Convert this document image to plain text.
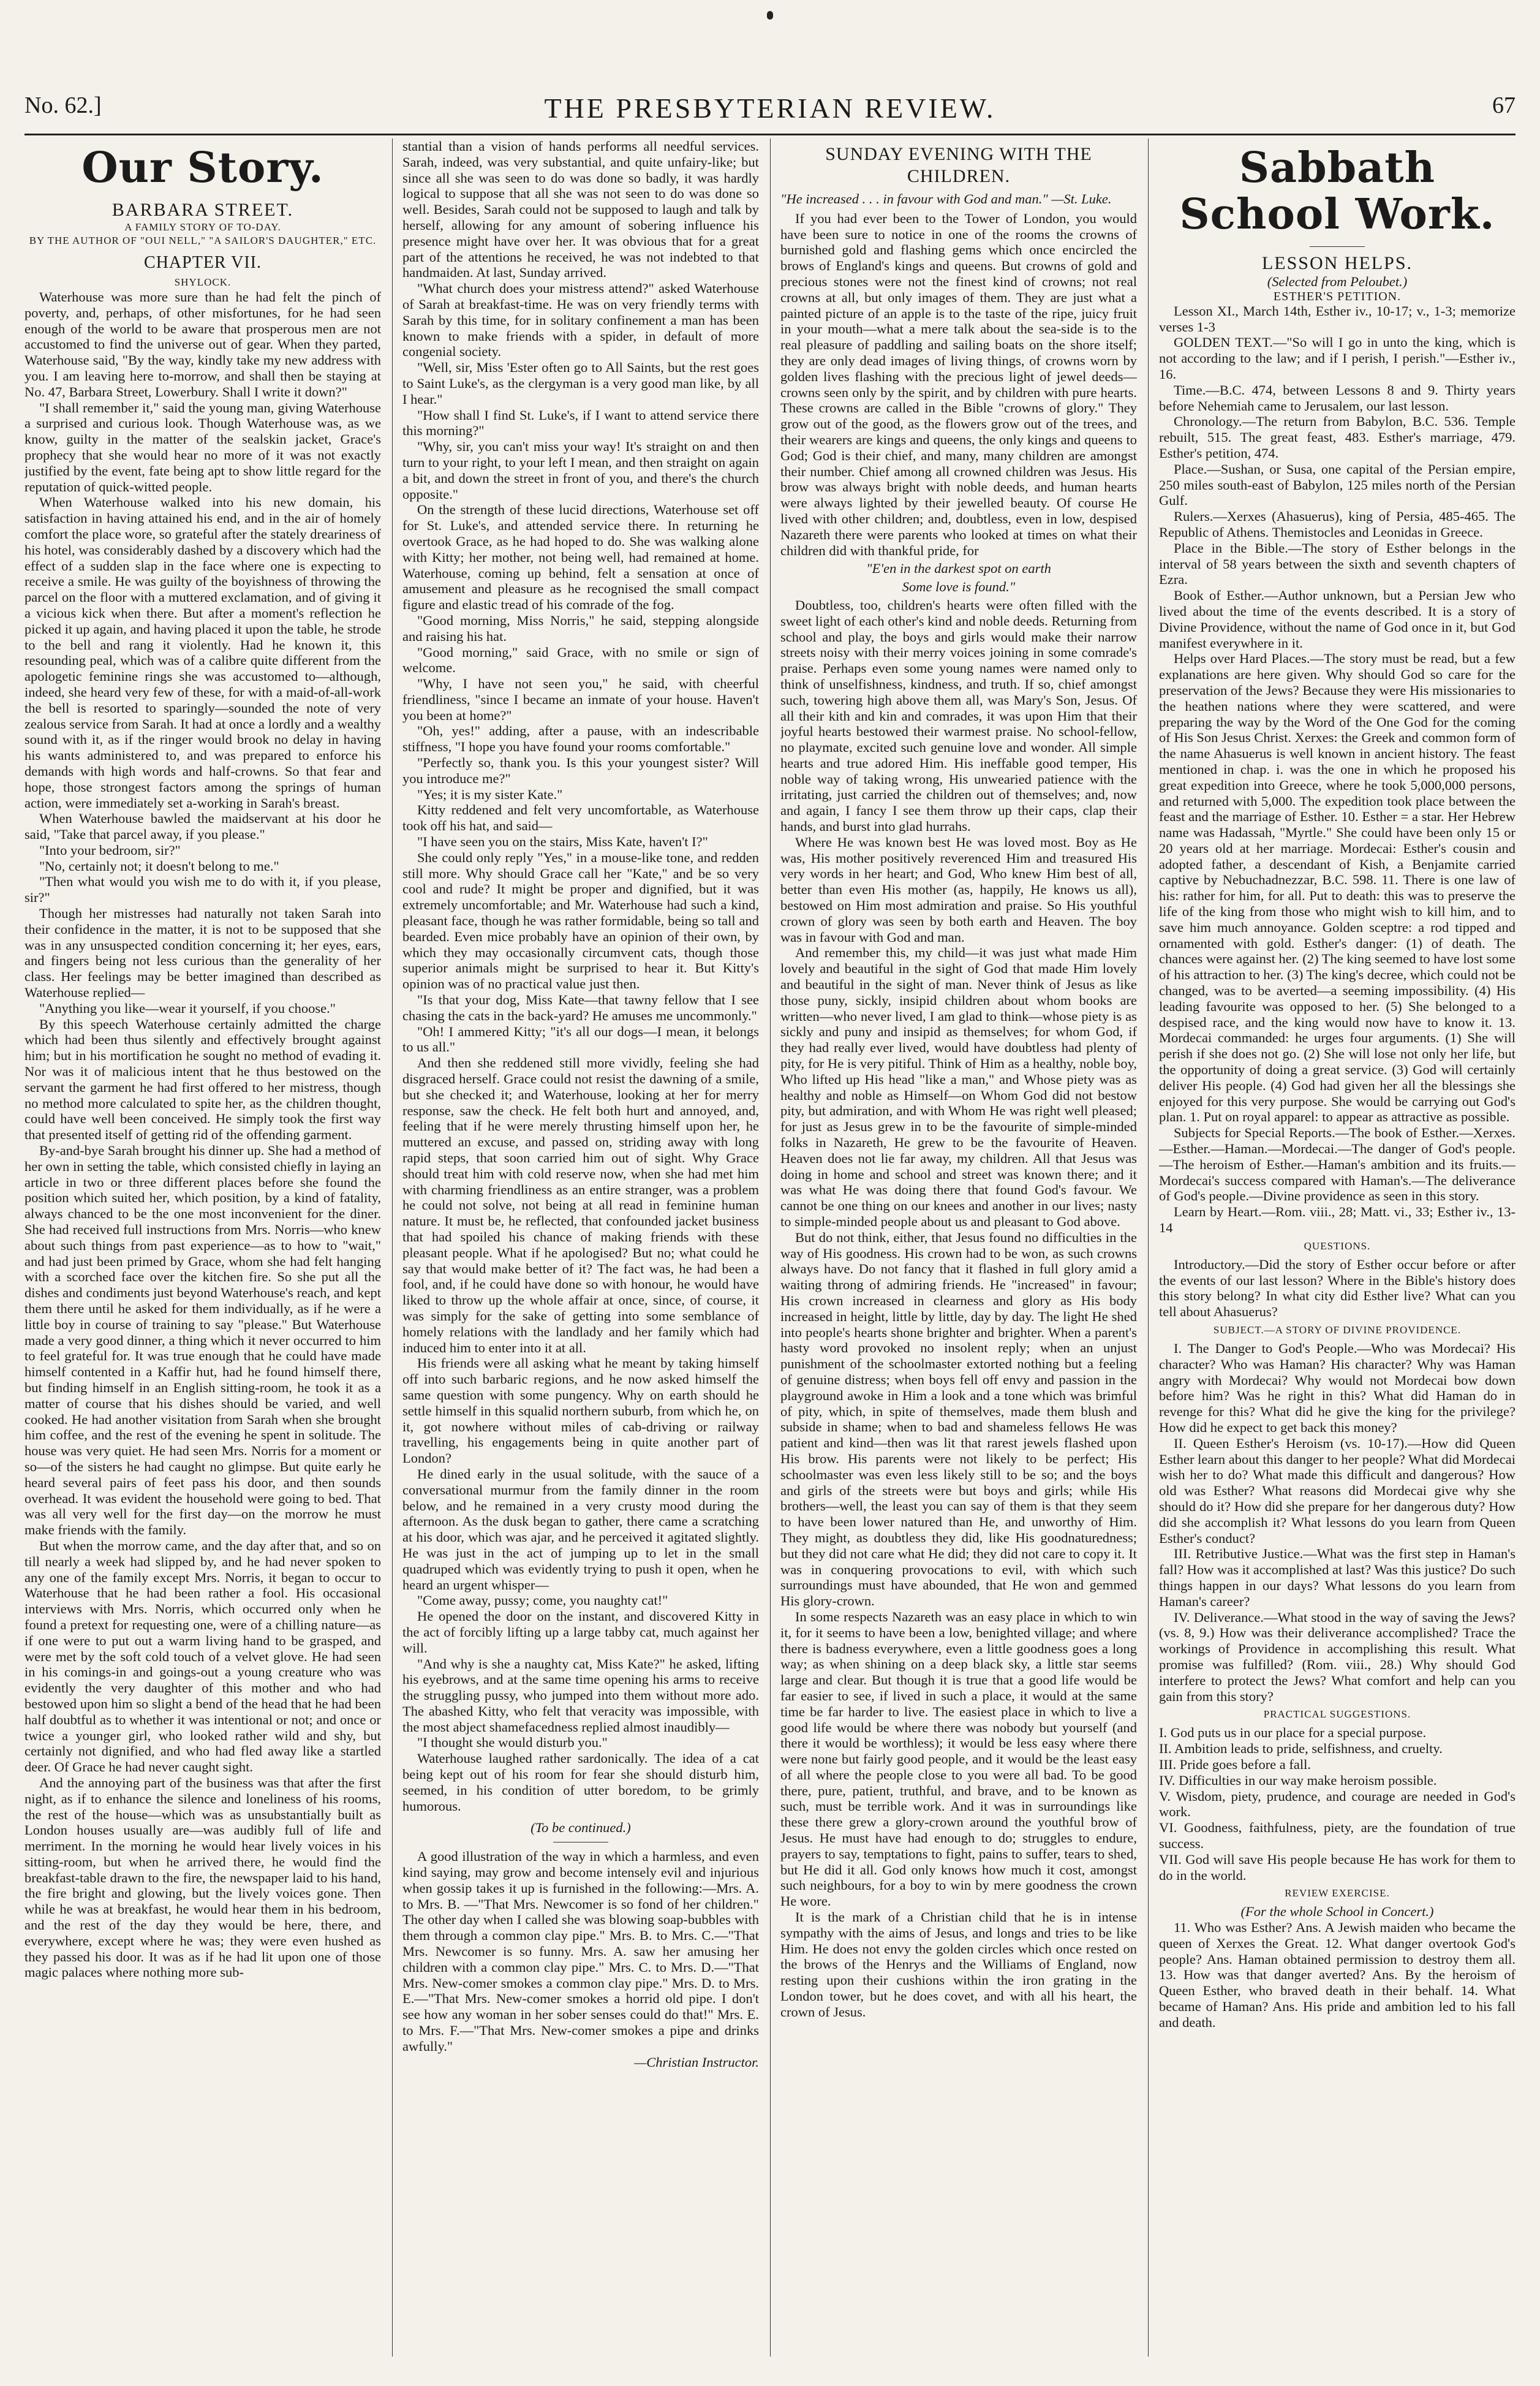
No. 62.]	THE PRESBYTERIAN REVIEW.	67
Our Story.
BARBARA STREET.
A FAMILY STORY OF TO-DAY.
BY THE AUTHOR OF "OUI NELL," "A SAILOR'S DAUGHTER," ETC.
CHAPTER VII.
SHYLOCK.

Waterhouse was more sure than he had felt the pinch of poverty, and, perhaps, of other misfortunes, for he had seen enough of the world to be aware that prosperous men are not accustomed to find the universe out of gear. When they parted, Waterhouse said, "By the way, kindly take my new address with you. I am leaving here to-morrow, and shall then be staying at No. 47, Barbara Street, Lowerbury. Shall I write it down?"

"I shall remember it," said the young man, giving Waterhouse a surprised and curious look. Though Waterhouse was, as we know, guilty in the matter of the sealskin jacket, Grace's prophecy that she would hear no more of it was not exactly justified by the event, fate being apt to show little regard for the reputation of quick-witted people.

When Waterhouse walked into his new domain, his satisfaction in having attained his end, and in the air of homely comfort the place wore, so grateful after the stately dreariness of his hotel, was considerably dashed by a discovery which had the effect of a sudden slap in the face where one is expecting to receive a smile. He was guilty of the boyishness of throwing the parcel on the floor with a muttered exclamation, and of giving it a vicious kick when there. But after a moment's reflection he picked it up again, and having placed it upon the table, he strode to the bell and rang it violently. Had he known it, this resounding peal, which was of a calibre quite different from the apologetic feminine rings she was accustomed to—although, indeed, she heard very few of these, for with a maid-of-all-work the bell is resorted to sparingly—sounded the note of very zealous service from Sarah. It had at once a lordly and a wealthy sound with it, as if the ringer would brook no delay in having his wants administered to, and was prepared to enforce his demands with high words and half-crowns. So that fear and hope, those strongest factors among the springs of human action, were immediately set a-working in Sarah's breast.

When Waterhouse bawled the maidservant at his door he said, "Take that parcel away, if you please."

"Into your bedroom, sir?"

"No, certainly not; it doesn't belong to me."

"Then what would you wish me to do with it, if you please, sir?"

Though her mistresses had naturally not taken Sarah into their confidence in the matter, it is not to be supposed that she was in any unsuspected condition concerning it; her eyes, ears, and fingers being not less curious than the generality of her class. Her feelings may be better imagined than described as Waterhouse replied—

"Anything you like—wear it yourself, if you choose."

By this speech Waterhouse certainly admitted the charge which had been thus silently and effectively brought against him; but in his mortification he sought no method of evading it. Nor was it of malicious intent that he thus bestowed on the servant the garment he had first offered to her mistress, though no method more calculated to spite her, as the children thought, could have well been conceived. He simply took the first way that presented itself of getting rid of the offending garment.

By-and-bye Sarah brought his dinner up. She had a method of her own in setting the table, which consisted chiefly in laying an article in two or three different places before she found the position which suited her, which position, by a kind of fatality, always chanced to be the one most inconvenient for the diner. She had received full instructions from Mrs. Norris—who knew about such things from past experience—as to how to "wait," and had just been primed by Grace, whom she had felt hanging with a scorched face over the kitchen fire. So she put all the dishes and condiments just beyond Waterhouse's reach, and kept them there until he asked for them individually, as if he were a little boy in course of training to say "please." But Waterhouse made a very good dinner, a thing which it never occurred to him to feel grateful for. It was true enough that he could have made himself contented in a Kaffir hut, had he found himself there, but finding himself in an English sitting-room, he took it as a matter of course that his dishes should be varied, and well cooked. He had another visitation from Sarah when she brought him coffee, and the rest of the evening he spent in solitude. The house was very quiet. He had seen Mrs. Norris for a moment or so—of the sisters he had caught no glimpse. But quite early he heard several pairs of feet pass his door, and then sounds overhead. It was evident the household were going to bed. That was all very well for the first day—on the morrow he must make friends with the family.

But when the morrow came, and the day after that, and so on till nearly a week had slipped by, and he had never spoken to any one of the family except Mrs. Norris, it began to occur to Waterhouse that he had been rather a fool. His occasional interviews with Mrs. Norris, which occurred only when he found a pretext for requesting one, were of a chilling nature—as if one were to put out a warm living hand to be grasped, and were met by the soft cold touch of a velvet glove. He had seen in his comings-in and goings-out a young creature who was evidently the very daughter of this mother and who had bestowed upon him so slight a bend of the head that he had been half doubtful as to whether it was intentional or not; and once or twice a younger girl, who looked rather wild and shy, but certainly not dignified, and who had fled away like a startled deer. Of Grace he had never caught sight.

And the annoying part of the business was that after the first night, as if to enhance the silence and loneliness of his rooms, the rest of the house—which was as unsubstantially built as London houses usually are—was audibly full of life and merriment. In the morning he would hear lively voices in his sitting-room, but when he arrived there, he would find the breakfast-table drawn to the fire, the newspaper laid to his hand, the fire bright and glowing, but the lively voices gone. Then while he was at breakfast, he would hear them in his bedroom, and the rest of the day they would be here, there, and everywhere, except where he was; they were even hushed as they passed his door. It was as if he had lit upon one of those magic palaces where nothing more sub-

stantial than a vision of hands performs all needful services. Sarah, indeed, was very substantial, and quite unfairy-like; but since all she was seen to do was done so badly, it was hardly logical to suppose that all she was not seen to do was done so well. Besides, Sarah could not be supposed to laugh and talk by herself, allowing for any amount of sobering influence his presence might have over her. It was obvious that for a great part of the attentions he received, he was not indebted to that handmaiden. At last, Sunday arrived.

"What church does your mistress attend?" asked Waterhouse of Sarah at breakfast-time. He was on very friendly terms with Sarah by this time, for in solitary confinement a man has been known to make friends with a spider, in default of more congenial society.

"Well, sir, Miss 'Ester often go to All Saints, but the rest goes to Saint Luke's, as the clergyman is a very good man like, by all I hear."

"How shall I find St. Luke's, if I want to attend service there this morning?"

"Why, sir, you can't miss your way! It's straight on and then turn to your right, to your left I mean, and then straight on again a bit, and down the street in front of you, and there's the church opposite."

On the strength of these lucid directions, Waterhouse set off for St. Luke's, and attended service there. In returning he overtook Grace, as he had hoped to do. She was walking alone with Kitty; her mother, not being well, had remained at home. Waterhouse, coming up behind, felt a sensation at once of amusement and pleasure as he recognised the small compact figure and elastic tread of his comrade of the fog.

"Good morning, Miss Norris," he said, stepping alongside and raising his hat.

"Good morning," said Grace, with no smile or sign of welcome.

"Why, I have not seen you," he said, with cheerful friendliness, "since I became an inmate of your house. Haven't you been at home?"

"Oh, yes!" adding, after a pause, with an indescribable stiffness, "I hope you have found your rooms comfortable."

"Perfectly so, thank you. Is this your youngest sister? Will you introduce me?"

"Yes; it is my sister Kate."

Kitty reddened and felt very uncomfortable, as Waterhouse took off his hat, and said—

"I have seen you on the stairs, Miss Kate, haven't I?"

She could only reply "Yes," in a mouse-like tone, and redden still more. Why should Grace call her "Kate," and be so very cool and rude? It might be proper and dignified, but it was extremely uncomfortable; and Mr. Waterhouse had such a kind, pleasant face, though he was rather formidable, being so tall and bearded. Even mice probably have an opinion of their own, by which they may occasionally circumvent cats, though those superior animals might be surprised to hear it. But Kitty's opinion was of no practical value just then.

"Is that your dog, Miss Kate—that tawny fellow that I see chasing the cats in the back-yard? He amuses me uncommonly."

"Oh! I ammered Kitty; "it's all our dogs—I mean, it belongs to us all."

And then she reddened still more vividly, feeling she had disgraced herself. Grace could not resist the dawning of a smile, but she checked it; and Waterhouse, looking at her for merry response, saw the check. He felt both hurt and annoyed, and, feeling that if he were merely thrusting himself upon her, he muttered an excuse, and passed on, striding away with long rapid steps, that soon carried him out of sight. Why Grace should treat him with cold reserve now, when she had met him with charming friendliness as an entire stranger, was a problem he could not solve, not being at all read in feminine human nature. It must be, he reflected, that confounded jacket business that had spoiled his chance of making friends with these pleasant people. What if he apologised? But no; what could he say that would make better of it? The fact was, he had been a fool, and, if he could have done so with honour, he would have liked to throw up the whole affair at once, since, of course, it was simply for the sake of getting into some semblance of homely relations with the landlady and her family which had induced him to enter into it at all.

His friends were all asking what he meant by taking himself off into such barbaric regions, and he now asked himself the same question with some pungency. Why on earth should he settle himself in this squalid northern suburb, from which he, on it, got nowhere without miles of cab-driving or railway travelling, his engagements being in quite another part of London?

He dined early in the usual solitude, with the sauce of a conversational murmur from the family dinner in the room below, and he remained in a very crusty mood during the afternoon. As the dusk began to gather, there came a scratching at his door, which was ajar, and he perceived it agitated slightly. He was just in the act of jumping up to let in the small quadruped which was evidently trying to push it open, when he heard an urgent whisper—

"Come away, pussy; come, you naughty cat!"

He opened the door on the instant, and discovered Kitty in the act of forcibly lifting up a large tabby cat, much against her will.

"And why is she a naughty cat, Miss Kate?" he asked, lifting his eyebrows, and at the same time opening his arms to receive the struggling pussy, who jumped into them without more ado. The abashed Kitty, who felt that veracity was impossible, with the most abject shamefacedness replied almost inaudibly—

"I thought she would disturb you."

Waterhouse laughed rather sardonically. The idea of a cat being kept out of his room for fear she should disturb him, seemed, in his condition of utter boredom, to be grimly humorous.

(To be continued.)

A good illustration of the way in which a harmless, and even kind saying, may grow and become intensely evil and injurious when gossip takes it up is furnished in the following:—Mrs. A. to Mrs. B. —"That Mrs. Newcomer is so fond of her children." The other day when I called she was blowing soap-bubbles with them through a common clay pipe." Mrs. B. to Mrs. C.—"That Mrs. Newcomer is so funny. Mrs. A. saw her amusing her children with a common clay pipe." Mrs. C. to Mrs. D.—"That Mrs. New-comer smokes a common clay pipe." Mrs. D. to Mrs. E.—"That Mrs. New-comer smokes a horrid old pipe. I don't see how any woman in her sober senses could do that!" Mrs. E. to Mrs. F.—"That Mrs. New-comer smokes a pipe and drinks awfully."

—Christian Instructor.

SUNDAY EVENING WITH THE CHILDREN.

"He increased . . . in favour with God and man." —St. Luke.

If you had ever been to the Tower of London, you would have been sure to notice in one of the rooms the crowns of burnished gold and flashing gems which once encircled the brows of England's kings and queens. But crowns of gold and precious stones were not the finest kind of crowns; not real crowns at all, but only images of them. They are just what a painted picture of an apple is to the taste of the ripe, juicy fruit in your mouth—what a mere talk about the sea-side is to the real pleasure of paddling and sailing boats on the shore itself; they are only dead images of living things, of crowns worn by golden lives flashing with the precious light of jewel deeds—crowns seen only by the spirit, and by children with pure hearts. These crowns are called in the Bible "crowns of glory." They grow out of the good, as the flowers grow out of the trees, and their wearers are kings and queens, the only kings and queens to God; God is their chief, and many, many children are amongst their number. Chief among all crowned children was Jesus. His brow was always bright with noble deeds, and human hearts were always lighted by their jewelled beauty. Of course He lived with other children; and, doubtless, even in low, despised Nazareth there were parents who looked at times on what their children did with thankful pride, for

"E'en in the darkest spot on earth
Some love is found."

Doubtless, too, children's hearts were often filled with the sweet light of each other's kind and noble deeds. Returning from school and play, the boys and girls would make their narrow streets noisy with their merry voices joining in some comrade's praise. Perhaps even some young names were named only to think of unselfishness, kindness, and truth. If so, chief amongst such, towering high above them all, was Mary's Son, Jesus. Of all their kith and kin and comrades, it was upon Him that their joyful hearts bestowed their warmest praise. No school-fellow, no playmate, excited such genuine love and wonder. All simple hearts and true adored Him. His ineffable good temper, His noble way of taking wrong, His unwearied patience with the irritating, just carried the children out of themselves; and, now and again, I fancy I see them throw up their caps, clap their hands, and burst into glad hurrahs.

Where He was known best He was loved most. Boy as He was, His mother positively reverenced Him and treasured His very words in her heart; and God, Who knew Him best of all, better than even His mother (as, happily, He knows us all), bestowed on Him most admiration and praise. So His youthful crown of glory was seen by both earth and Heaven. The boy was in favour with God and man.

And remember this, my child—it was just what made Him lovely and beautiful in the sight of God that made Him lovely and beautiful in the sight of man. Never think of Jesus as like those puny, sickly, insipid children about whom books are written—who never lived, I am glad to think—whose piety is as sickly and puny and insipid as themselves; for whom God, if they had really ever lived, would have doubtless had plenty of pity, for He is very pitiful. Think of Him as a healthy, noble boy, Who lifted up His head "like a man," and Whose piety was as healthy and noble as Himself—on Whom God did not bestow pity, but admiration, and with Whom He was right well pleased; for just as Jesus grew in to be the favourite of simple-minded folks in Nazareth, He grew to be the favourite of Heaven. Heaven does not lie far away, my children. All that Jesus was doing in home and school and street was known there; and it was what He was doing there that found God's favour. We cannot be one thing on our knees and another in our lives; nasty to simple-minded people about us and pleasant to God above.

But do not think, either, that Jesus found no difficulties in the way of His goodness. His crown had to be won, as such crowns always have. Do not fancy that it flashed in full glory amid a waiting throng of admiring friends. He "increased" in favour; His crown increased in clearness and glory as His body increased in height, little by little, day by day. The light He shed into people's hearts shone brighter and brighter. When a parent's hasty word provoked no insolent reply; when an unjust punishment of the schoolmaster extorted nothing but a feeling of genuine distress; when boys fell off envy and passion in the playground awoke in Him a look and a tone which was brimful of pity, which, in spite of themselves, made them blush and subside in shame; when to bad and shameless fellows He was patient and kind—then was lit that rarest jewels flashed upon His brow. His parents were not likely to be perfect; His schoolmaster was even less likely still to be so; and the boys and girls of the streets were but boys and girls; while His brothers—well, the least you can say of them is that they seem to have been lower natured than He, and unworthy of Him. They might, as doubtless they did, like His goodnaturedness; but they did not care what He did; they did not care to copy it. It was in conquering provocations to evil, with which such surroundings must have abounded, that He won and gemmed His glory-crown.

In some respects Nazareth was an easy place in which to win it, for it seems to have been a low, benighted village; and where there is badness everywhere, even a little goodness goes a long way; as when shining on a deep black sky, a little star seems large and clear. But though it is true that a good life would be far easier to see, if lived in such a place, it would at the same time be far harder to live. The easiest place in which to live a good life would be where there was nobody but yourself (and there it would be worthless); it would be less easy where there were none but fairly good people, and it would be the least easy of all where the people close to you were all bad. To be good there, pure, patient, truthful, and brave, and to be known as such, must be terrible work. And it was in surroundings like these there grew a glory-crown around the youthful brow of Jesus. He must have had enough to do; struggles to endure, prayers to say, temptations to fight, pains to suffer, tears to shed, but He did it all. God only knows how much it cost, amongst such neighbours, for a boy to win by mere goodness the crown He wore.

It is the mark of a Christian child that he is in intense sympathy with the aims of Jesus, and longs and tries to be like Him. He does not envy the golden circles which once rested on the brows of the Henrys and the Williams of England, now resting upon their cushions within the iron grating in the London tower, but he does covet, and with all his heart, the crown of Jesus.

Sabbath School Work.
LESSON HELPS.
(Selected from Peloubet.)
ESTHER'S PETITION.

Lesson XI., March 14th, Esther iv., 10-17; v., 1-3; memorize verses 1-3

GOLDEN TEXT.—"So will I go in unto the king, which is not according to the law; and if I perish, I perish."—Esther iv., 16.

Time.—B.C. 474, between Lessons 8 and 9. Thirty years before Nehemiah came to Jerusalem, our last lesson.

Chronology.—The return from Babylon, B.C. 536. Temple rebuilt, 515. The great feast, 483. Esther's marriage, 479. Esther's petition, 474.

Place.—Sushan, or Susa, one capital of the Persian empire, 250 miles south-east of Babylon, 125 miles north of the Persian Gulf.

Rulers.—Xerxes (Ahasuerus), king of Persia, 485-465. The Republic of Athens. Themistocles and Leonidas in Greece.

Place in the Bible.—The story of Esther belongs in the interval of 58 years between the sixth and seventh chapters of Ezra.

Book of Esther.—Author unknown, but a Persian Jew who lived about the time of the events described. It is a story of Divine Providence, without the name of God once in it, but God manifest everywhere in it.

Helps over Hard Places.—The story must be read, but a few explanations are here given. Why should God so care for the preservation of the Jews? Because they were His missionaries to the heathen nations where they were scattered, and were preparing the way by the Word of the One God for the coming of His Son Jesus Christ. Xerxes: the Greek and common form of the name Ahasuerus is well known in ancient history. The feast mentioned in chap. i. was the one in which he proposed his great expedition into Greece, where he took 5,000,000 persons, and returned with 5,000. The expedition took place between the feast and the marriage of Esther. 10. Esther = a star. Her Hebrew name was Hadassah, "Myrtle." She could have been only 15 or 20 years old at her marriage. Mordecai: Esther's cousin and adopted father, a descendant of Kish, a Benjamite carried captive by Nebuchadnezzar, B.C. 598. 11. There is one law of his: rather for him, for all. Put to death: this was to preserve the life of the king from those who might wish to kill him, and to save him much annoyance. Golden sceptre: a rod tipped and ornamented with gold. Esther's danger: (1) of death. The chances were against her. (2) The king seemed to have lost some of his attraction to her. (3) The king's decree, which could not be changed, was to be averted—a seeming impossibility. (4) His leading favourite was opposed to her. (5) She belonged to a despised race, and the king would now have to know it. 13. Mordecai commanded: he urges four arguments. (1) She will perish if she does not go. (2) She will lose not only her life, but the opportunity of doing a great service. (3) God will certainly deliver His people. (4) God had given her all the blessings she enjoyed for this very purpose. She would be carrying out God's plan. 1. Put on royal apparel: to appear as attractive as possible.

Subjects for Special Reports.—The book of Esther.—Xerxes.—Esther.—Haman.—Mordecai.—The danger of God's people.—The heroism of Esther.—Haman's ambition and its fruits.—Mordecai's success compared with Haman's.—The deliverance of God's people.—Divine providence as seen in this story.

Learn by Heart.—Rom. viii., 28; Matt. vi., 33; Esther iv., 13-14

QUESTIONS.

Introductory.—Did the story of Esther occur before or after the events of our last lesson? Where in the Bible's history does this story belong? In what city did Esther live? What can you tell about Ahasuerus?

SUBJECT.—A STORY OF DIVINE PROVIDENCE.

I. The Danger to God's People.—Who was Mordecai? His character? Who was Haman? His character? Why was Haman angry with Mordecai? Why would not Mordecai bow down before him? Was he right in this? What did Haman do in revenge for this? What did he give the king for the privilege? How did he expect to get back this money?

II. Queen Esther's Heroism (vs. 10-17).—How did Queen Esther learn about this danger to her people? What did Mordecai wish her to do? What made this difficult and dangerous? How old was Esther? What reasons did Mordecai give why she should do it? How did she prepare for her dangerous duty? How did she accomplish it? What lessons do you learn from Queen Esther's conduct?

III. Retributive Justice.—What was the first step in Haman's fall? How was it accomplished at last? Was this justice? Do such things happen in our days? What lessons do you learn from Haman's career?

IV. Deliverance.—What stood in the way of saving the Jews? (vs. 8, 9.) How was their deliverance accomplished? Trace the workings of Providence in accomplishing this result. What promise was fulfilled? (Rom. viii., 28.) Why should God interfere to protect the Jews? What comfort and help can you gain from this story?

PRACTICAL SUGGESTIONS.

I. God puts us in our place for a special purpose.

II. Ambition leads to pride, selfishness, and cruelty.

III. Pride goes before a fall.

IV. Difficulties in our way make heroism possible.

V. Wisdom, piety, prudence, and courage are needed in God's work.

VI. Goodness, faithfulness, piety, are the foundation of true success.

VII. God will save His people because He has work for them to do in the world.

REVIEW EXERCISE.
(For the whole School in Concert.)

11. Who was Esther? Ans. A Jewish maiden who became the queen of Xerxes the Great. 12. What danger overtook God's people? Ans. Haman obtained permission to destroy them all. 13. How was that danger averted? Ans. By the heroism of Queen Esther, who braved death in their behalf. 14. What became of Haman? Ans. His pride and ambition led to his fall and death.
